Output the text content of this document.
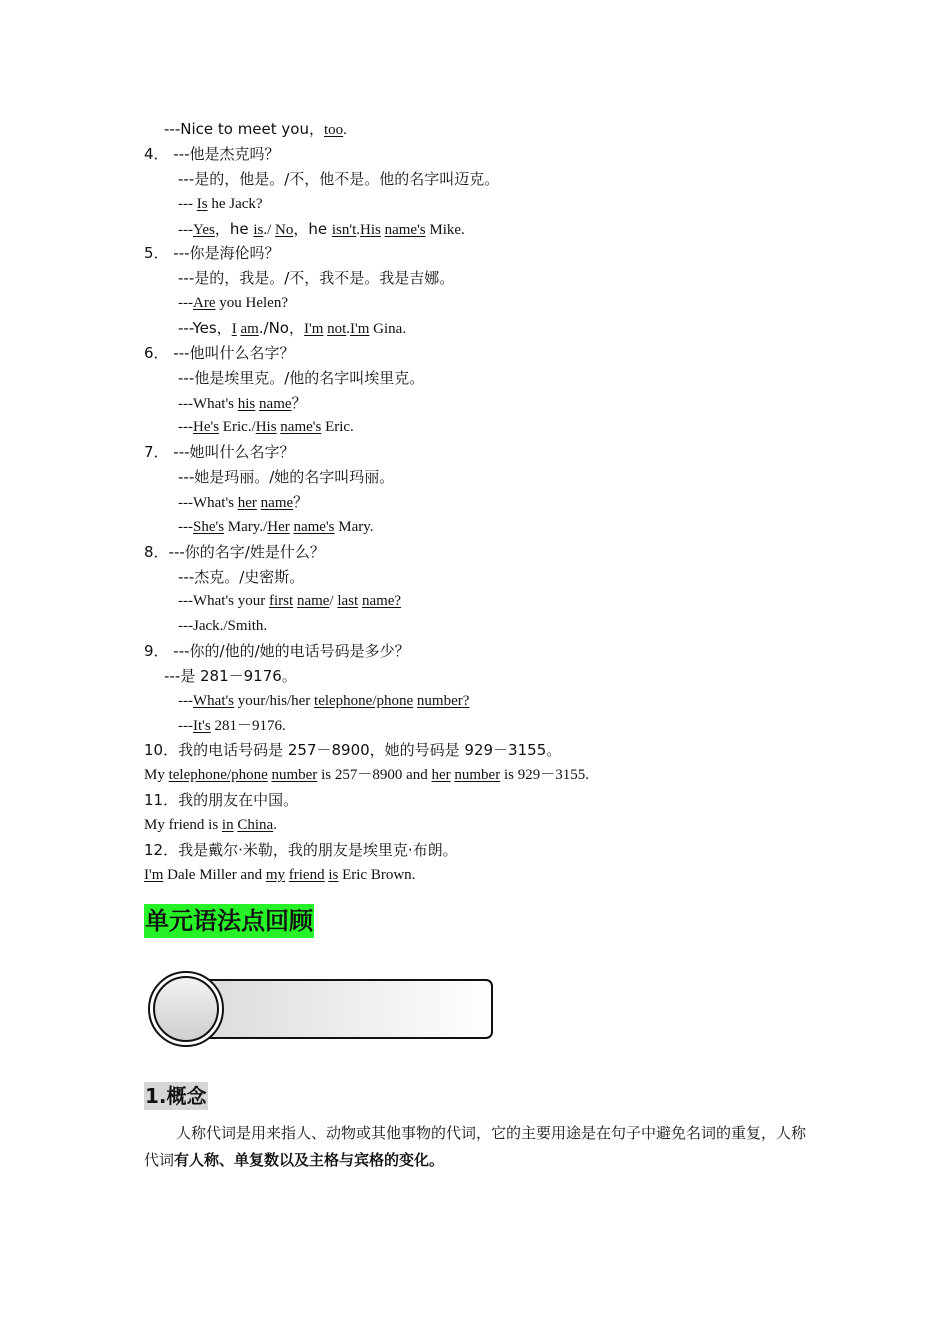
---Nice to meet you，too.
4． ---他是杰克吗？
---是的，他是。/不，他不是。他的名字叫迈克。
--- Is he Jack?
---Yes，he is./ No，he isn't.His name's Mike.
5． ---你是海伦吗？
---是的，我是。/不，我不是。我是吉娜。
---Are you Helen?
---Yes，I am./No，I'm not.I'm Gina.
6． ---他叫什么名字？
---他是埃里克。/他的名字叫埃里克。
---What's his name？
---He's Eric./His name's Eric.
7． ---她叫什么名字？
---她是玛丽。/她的名字叫玛丽。
---What's her name？
---She's Mary./Her name's Mary.
8．---你的名字/姓是什么？
---杰克。/史密斯。
---What's your first name/ last name?
---Jack./Smith.
9． ---你的/他的/她的电话号码是多少？
---是 281－9176。
---What's your/his/her telephone/phone number?
---It's 281－9176.
10．我的电话号码是 257－8900，她的号码是 929－3155。
My telephone/phone number is 257－8900 and her number is 929－3155.
11．我的朋友在中国。
My friend is in China.
12．我是戴尔·米勒，我的朋友是埃里克·布朗。
I'm Dale Miller and my friend is Eric Brown.
单元语法点回顾
1.概念
人称代词是用来指人、动物或其他事物的代词，它的主要用途是在句子中避免名词的重复，人称代词有人称、单复数以及主格与宾格的变化。
